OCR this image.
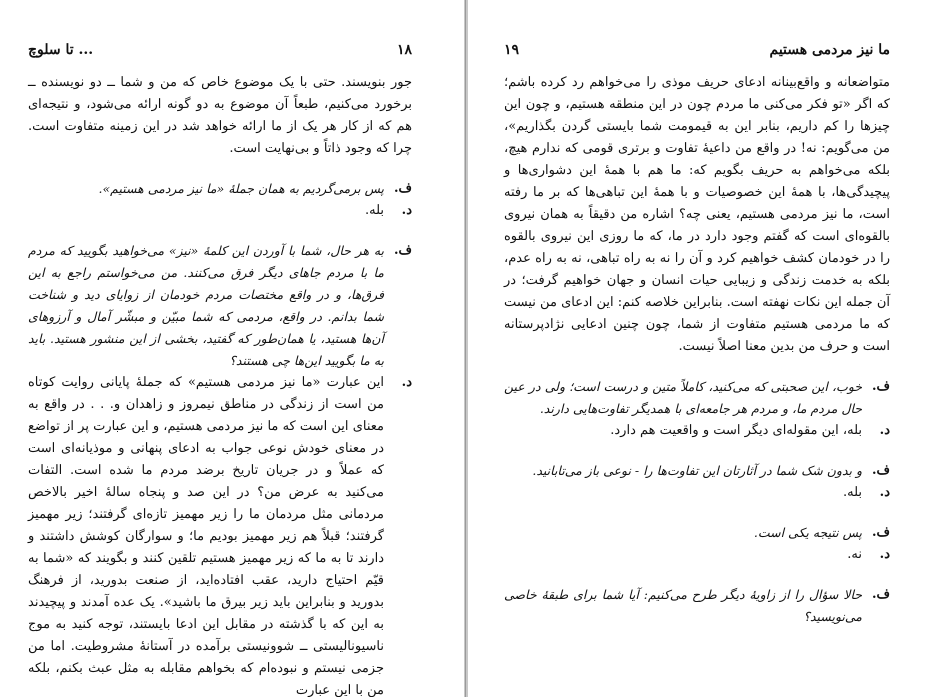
۱۸
... تا سلوچ

جور بنویسند. حتی با یک موضوع خاص که من و شما ــ دو نویسنده ــ برخورد می‌کنیم، طبعاً آن موضوع به دو گونه ارائه می‌شود، و نتیجه‌ای هم که از کار هر یک از ما ارائه خواهد شد در این زمینه متفاوت است. چرا که وجود ذاتاً و بی‌نهایت است.

ف.
پس برمی‌گردیم به همان جملهٔ «ما نیز مردمی هستیم».
د.
بله.
ف.
به هر حال، شما با آوردن این کلمهٔ «نیز» می‌خواهید بگویید که مردم ما با مردم جاهای دیگر فرق می‌کنند. من می‌خواستم راجع به این فرق‌ها، و در واقع مختصات مردم خودمان از زوایای دید و شناخت شما بدانم. در واقع، مردمی که شما مبیّن و مبشّر آمال و آرزوهای آن‌ها هستید، یا همان‌طور که گفتید، بخشی از این منشور هستید. باید به ما بگویید این‌ها چی هستند؟
د.
این عبارت «ما نیز مردمی هستیم» که جملهٔ پایانی روایت کوتاه من است از زندگی در مناطق نیمروز و زاهدان و. . . در واقع به معنای این است که ما نیز مردمی هستیم، و این عبارت پر از تواضع در معنای خودش نوعی جواب به ادعای پنهانی و موذیانه‌ای است که عملاً و در جریان تاریخ برضد مردم ما شده است. التفات می‌کنید به عرض من؟ در این صد و پنجاه سالهٔ اخیر بالاخص مردمانی مثل مردمان ما را زیر مهمیز تازه‌ای گرفتند؛ زیر مهمیز گرفتند؛ قبلاً هم زیر مهمیز بودیم ما؛ و سوارگان کوشش داشتند و دارند تا به ما که زیر مهمیز هستیم تلقین کنند و بگویند که «شما به قیّم احتیاج دارید، عقب افتاده‌اید، از صنعت بدورید، از فرهنگ بدورید و بنابراین باید زیر بیرق ما باشید». یک عده آمدند و پیچیدند به این که با گذشته در مقابل این ادعا بایستند، توجه کنید به موج ناسیونالیستی ــ شوونیستی برآمده در آستانهٔ مشروطیت. اما من جزمی نیستم و نبوده‌ام که بخواهم مقابله به مثل عبث بکنم، بلکه من با این عبارت
ما نیز مردمی هستیم
۱۹

متواضعانه و واقع‌بینانه ادعای حریف موذی را می‌خواهم رد کرده باشم؛ که اگر «تو فکر می‌کنی ما مردم چون در این منطقه هستیم، و چون این چیزها را کم داریم، بنابر این به قیمومت شما بایستی گردن بگذاریم»، من می‌گویم: نه! در واقع من داعیهٔ تفاوت و برتری قومی که ندارم هیچ، بلکه می‌خواهم به حریف بگویم که: ما هم با همهٔ این دشواری‌ها و پیچیدگی‌ها، با همهٔ این خصوصیات و با همهٔ این تباهی‌ها که بر ما رفته است، ما نیز مردمی هستیم، یعنی چه؟ اشاره من دقیقاً به همان نیروی بالقوه‌ای است که گفتم وجود دارد در ما، که ما روزی این نیروی بالقوه را در خودمان کشف خواهیم کرد و آن را نه به راه تباهی، نه به راه عدم، بلکه به خدمت زندگی و زیبایی حیات انسان و جهان خواهیم گرفت؛ در آن جمله این نکات نهفته است. بنابراین خلاصه کنم: این ادعای من نیست که ما مردمی هستیم متفاوت از شما، چون چنین ادعایی نژادپرستانه است و حرف من بدین معنا اصلاً نیست.

ف.
خوب، این صحبتی که می‌کنید، کاملاً متین و درست است؛ ولی در عین حال مردم ما، و مردم هر جامعه‌ای با همدیگر تفاوت‌هایی دارند.
د.
بله، این مقوله‌ای دیگر است و واقعیت هم دارد.
ف.
و بدون شک شما در آثارتان این تفاوت‌ها را - نوعی باز می‌تابانید.
د.
بله.
ف.
پس نتیجه یکی است.
د.
نه.
ف.
حالا سؤال را از زاویهٔ دیگر طرح می‌کنیم: آیا شما برای طبقهٔ خاصی می‌نویسید؟
